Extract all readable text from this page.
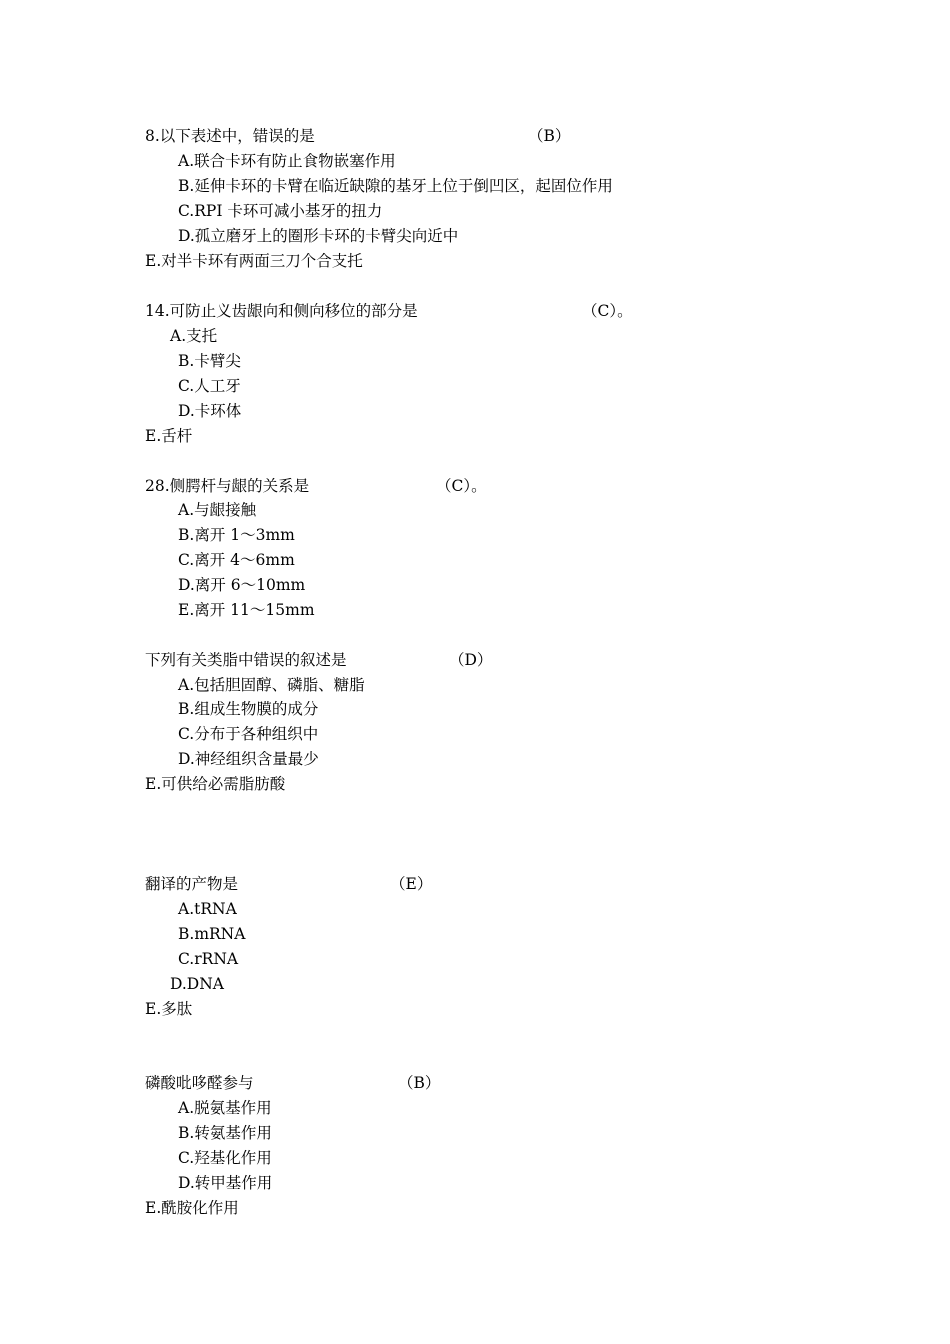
8.以下表述中，错误的是	（B）
A.联合卡环有防止食物嵌塞作用
B.延伸卡环的卡臂在临近缺隙的基牙上位于倒凹区，起固位作用
C.RPI 卡环可减小基牙的扭力
D.孤立磨牙上的圈形卡环的卡臂尖向近中
E.对半卡环有两面三刀个合支托
14.可防止义齿龈向和侧向移位的部分是	（C）。
A.支托
B.卡臂尖
C.人工牙
D.卡环体
E.舌杆
28.侧腭杆与龈的关系是	（C）。
A.与龈接触
B.离开 1～3mm
C.离开 4～6mm
D.离开 6～10mm
E.离开 11～15mm
下列有关类脂中错误的叙述是	（D）
A.包括胆固醇、磷脂、糖脂
B.组成生物膜的成分
C.分布于各种组织中
D.神经组织含量最少
E.可供给必需脂肪酸
翻译的产物是	（E）
A.tRNA
B.mRNA
C.rRNA
D.DNA
E.多肽
磷酸吡哆醛参与	（B）
A.脱氨基作用
B.转氨基作用
C.羟基化作用
D.转甲基作用
E.酰胺化作用
